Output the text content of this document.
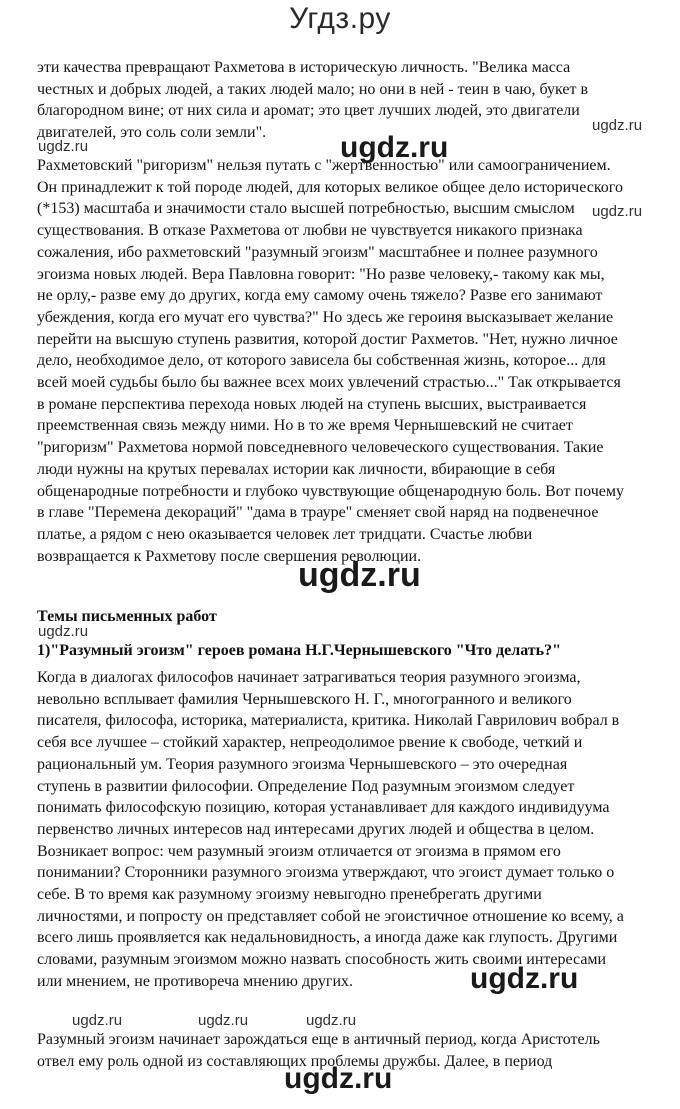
Угдз.ру

эти качества превращают Рахметова в историческую личность. "Велика масса
честных и добрых людей, а таких людей мало; но они в ней - теин в чаю, букет в
благородном вине; от них сила и аромат; это цвет лучших людей, это двигатели
двигателей, это соль соли земли".

Рахметовский "ригоризм" нельзя путать с "жертвенностью" или самоограничением.
Он принадлежит к той породе людей, для которых великое общее дело исторического
(*153) масштаба и значимости стало высшей потребностью, высшим смыслом
существования. В отказе Рахметова от любви не чувствуется никакого признака
сожаления, ибо рахметовский "разумный эгоизм" масштабнее и полнее разумного
эгоизма новых людей. Вера Павловна говорит: "Но разве человеку,- такому как мы,
не орлу,- разве ему до других, когда ему самому очень тяжело? Разве его занимают
убеждения, когда его мучат его чувства?" Но здесь же героиня высказывает желание
перейти на высшую ступень развития, которой достиг Рахметов. "Нет, нужно личное
дело, необходимое дело, от которого зависела бы собственная жизнь, которое... для
всей моей судьбы было бы важнее всех моих увлечений страстью..." Так открывается
в романе перспектива перехода новых людей на ступень высших, выстраивается
преемственная связь между ними. Но в то же время Чернышевский не считает
"ригоризм" Рахметова нормой повседневного человеческого существования. Такие
люди нужны на крутых перевалах истории как личности, вбирающие в себя
общенародные потребности и глубоко чувствующие общенародную боль. Вот почему
в главе "Перемена декораций" "дама в трауре" сменяет свой наряд на подвенечное
платье, а рядом с нею оказывается человек лет тридцати. Счастье любви
возвращается к Рахметову после свершения революции.

Темы письменных работ
1)"Разумный эгоизм" героев романа Н.Г.Чернышевского "Что делать?"

Когда в диалогах философов начинает затрагиваться теория разумного эгоизма,
невольно всплывает фамилия Чернышевского Н. Г., многогранного и великого
писателя, философа, историка, материалиста, критика. Николай Гаврилович вобрал в
себя все лучшее – стойкий характер, непреодолимое рвение к свободе, четкий и
рациональный ум. Теория разумного эгоизма Чернышевского – это очередная
ступень в развитии философии. Определение Под разумным эгоизмом следует
понимать философскую позицию, которая устанавливает для каждого индивидуума
первенство личных интересов над интересами других людей и общества в целом.
Возникает вопрос: чем разумный эгоизм отличается от эгоизма в прямом его
понимании? Сторонники разумного эгоизма утверждают, что эгоист думает только о
себе. В то время как разумному эгоизму невыгодно пренебрегать другими
личностями, и попросту он представляет собой не эгоистичное отношение ко всему, а
всего лишь проявляется как недальновидность, а иногда даже как глупость. Другими
словами, разумным эгоизмом можно назвать способность жить своими интересами
или мнением, не противореча мнению других.

Разумный эгоизм начинает зарождаться еще в античный период, когда Аристотель
отвел ему роль одной из составляющих проблемы дружбы. Далее, в период

ugdz.ru
ugdz.ru
ugdz.ru
ugdz.ru
ugdz.ru
ugdz.ru
ugdz.ru
ugdz.ru	ugdz.ru	ugdz.ru
ugdz.ru
